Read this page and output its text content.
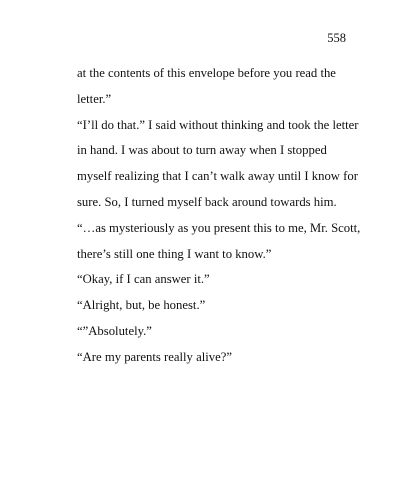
558
at the contents of this envelope before you read the
letter.”
“I’ll do that.” I said without thinking and took the letter
in hand. I was about to turn away when I stopped
myself realizing that I can’t walk away until I know for
sure. So, I turned myself back around towards him.
“…as mysteriously as you present this to me, Mr. Scott,
there’s still one thing I want to know.”
“Okay, if I can answer it.”
“Alright, but, be honest.”
“”Absolutely.”
“Are my parents really alive?”
